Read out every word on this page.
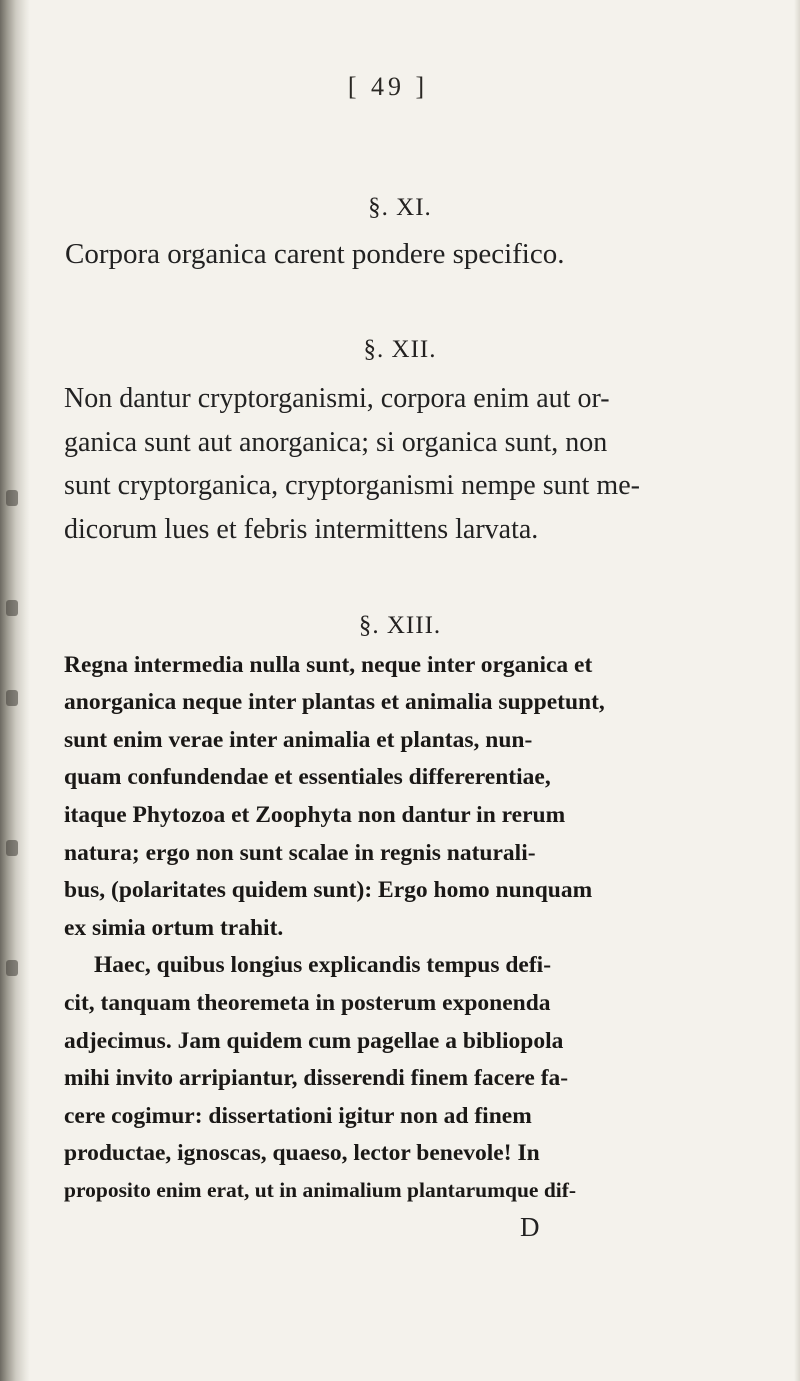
[ 49 ]
§. XI.
Corpora organica carent pondere specifico.
§. XII.
Non dantur cryptorganismi, corpora enim aut or-
ganica sunt aut anorganica; si organica sunt, non
sunt cryptorganica, cryptorganismi nempe sunt me-
dicorum lues et febris intermittens larvata.
§. XIII.
Regna intermedia nulla sunt, neque inter organica et
anorganica neque inter plantas et animalia suppetunt,
sunt enim verae inter animalia et plantas, nun-
quam confundendae et essentiales differerentiae,
itaque Phytozoa et Zoophyta non dantur in rerum
natura; ergo non sunt scalae in regnis naturali-
bus, (polaritates quidem sunt): Ergo homo nunquam
ex simia ortum trahit.
Haec, quibus longius explicandis tempus defi-
cit, tanquam theoremeta in posterum exponenda
adjecimus. Jam quidem cum pagellae a bibliopola
mihi invito arripiantur, disserendi finem facere fa-
cere cogimur: dissertationi igitur non ad finem
productae, ignoscas, quaeso, lector benevole! In
proposito enim erat, ut in animalium plantarumque dif-
D
